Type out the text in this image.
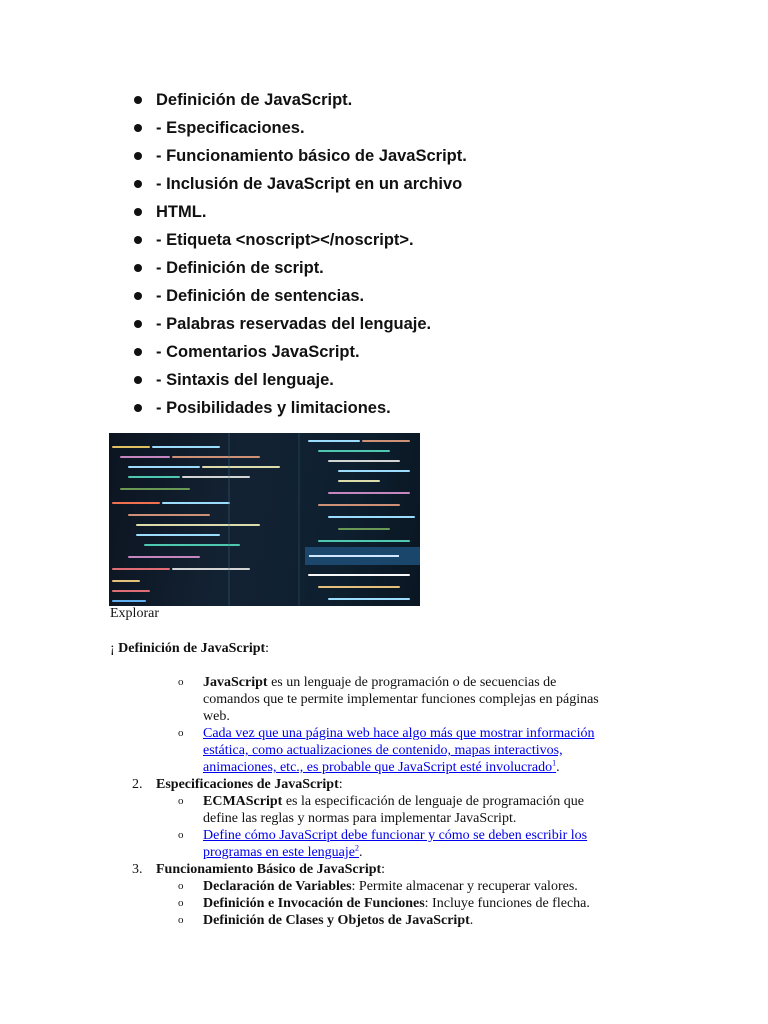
Definición de JavaScript.
- Especificaciones.
- Funcionamiento básico de JavaScript.
- Inclusión de JavaScript en un archivo
HTML.
- Etiqueta <noscript></noscript>.
- Definición de script.
- Definición de sentencias.
- Palabras reservadas del lenguaje.
- Comentarios JavaScript.
- Sintaxis del lenguaje.
- Posibilidades y limitaciones.
Explorar
¡ Definición de JavaScript:
o JavaScript es un lenguaje de programación o de secuencias de
comandos que te permite implementar funciones complejas en páginas
web.
o Cada vez que una página web hace algo más que mostrar información
estática, como actualizaciones de contenido, mapas interactivos,
animaciones, etc., es probable que JavaScript esté involucrado$^1$.
2. Especificaciones de JavaScript:
o ECMAScript es la especificación de lenguaje de programación que
define las reglas y normas para implementar JavaScript.
o Define cómo JavaScript debe funcionar y cómo se deben escribir los
programas en este lenguaje$^2$.
3. Funcionamiento Básico de JavaScript:
o Declaración de Variables: Permite almacenar y recuperar valores.
o Definición e Invocación de Funciones: Incluye funciones de flecha.
o Definición de Clases y Objetos de JavaScript.
